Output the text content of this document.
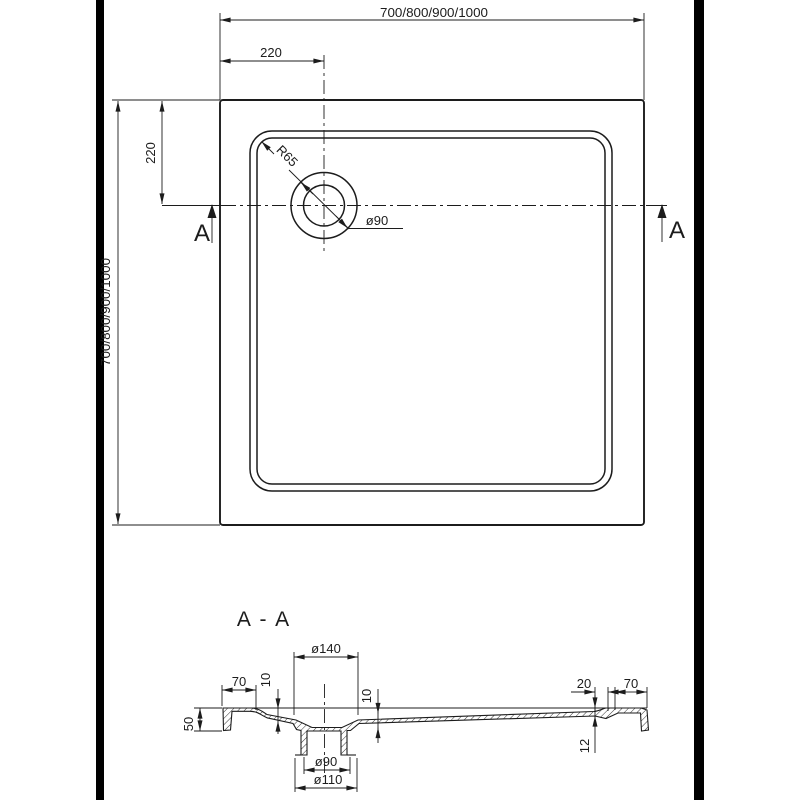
700/800/900/1000
220
700/800/900/1000
220	R65
ø90
A	A
A - A
ø140
70 10
50
10
ø90
ø110
20	70
12
